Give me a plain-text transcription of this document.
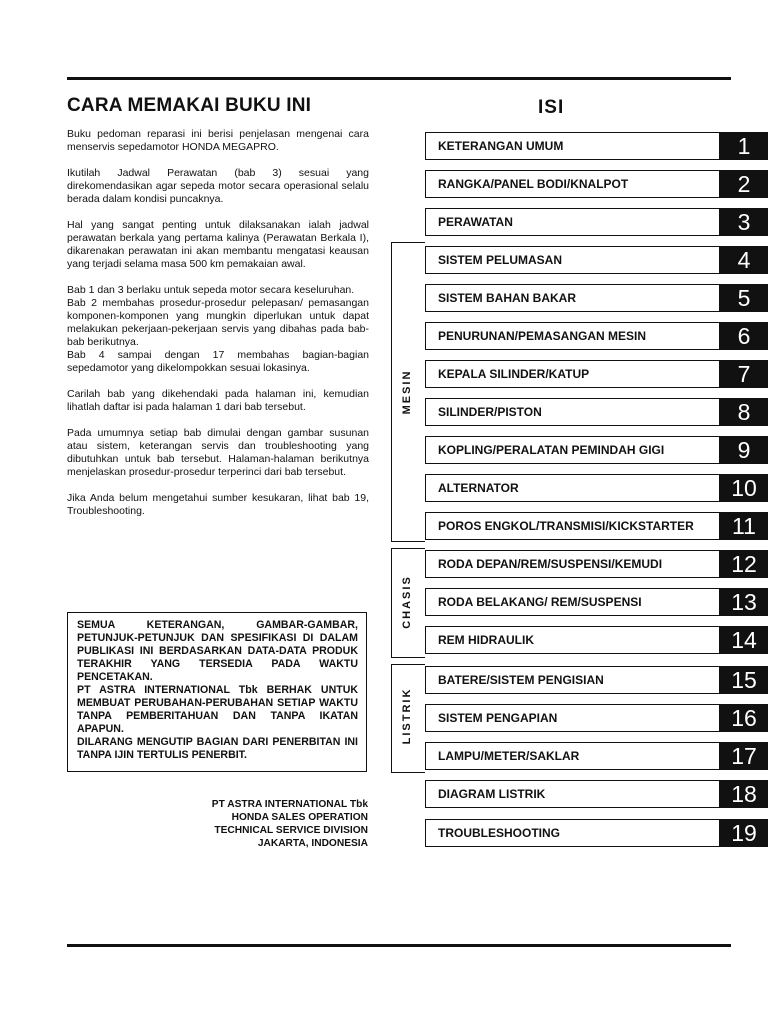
CARA MEMAKAI BUKU INI

Buku pedoman reparasi ini berisi penjelasan mengenai cara menservis sepedamotor HONDA MEGAPRO.

Ikutilah Jadwal Perawatan (bab 3) sesuai yang direkomendasikan agar sepeda motor secara operasional selalu berada dalam kondisi puncaknya.

Hal yang sangat penting untuk dilaksanakan ialah jadwal perawatan berkala yang pertama kalinya (Perawatan Berkala I), dikarenakan perawatan ini akan membantu mengatasi keausan yang terjadi selama masa 500 km pemakaian awal.

Bab 1 dan 3 berlaku untuk sepeda motor secara keseluruhan.

Bab 2 membahas prosedur-prosedur pelepasan/ pemasangan komponen-komponen yang mungkin diperlukan untuk dapat melakukan pekerjaan-pekerjaan servis yang dibahas pada bab-bab berikutnya.

Bab 4 sampai dengan 17 membahas bagian-bagian sepedamotor yang dikelompokkan sesuai lokasinya.

Carilah bab yang dikehendaki pada halaman ini, kemudian lihatlah daftar isi pada halaman 1 dari bab tersebut.

Pada umumnya setiap bab dimulai dengan gambar susunan atau sistem, keterangan servis dan troubleshooting yang dibutuhkan untuk bab tersebut. Halaman-halaman berikutnya menjelaskan prosedur-prosedur terperinci dari bab tersebut.

Jika Anda belum mengetahui sumber kesukaran, lihat bab 19, Troubleshooting.

SEMUA KETERANGAN, GAMBAR-GAMBAR, PETUNJUK-PETUNJUK DAN SPESIFIKASI DI DALAM PUBLIKASI INI BERDASARKAN DATA-DATA PRODUK TERAKHIR YANG TERSEDIA PADA WAKTU PENCETAKAN.

PT ASTRA INTERNATIONAL Tbk BERHAK UNTUK MEMBUAT PERUBAHAN-PERUBAHAN SETIAP WAKTU TANPA PEMBERITAHUAN DAN TANPA IKATAN APAPUN.

DILARANG MENGUTIP BAGIAN DARI PENERBITAN INI TANPA IJIN TERTULIS PENERBIT.

PT ASTRA INTERNATIONAL Tbk
HONDA SALES OPERATION
TECHNICAL SERVICE DIVISION
JAKARTA, INDONESIA
ISI
MESIN
CHASIS
LISTRIK
KETERANGAN UMUM	1
RANGKA/PANEL BODI/KNALPOT	2
PERAWATAN	3
SISTEM PELUMASAN	4
SISTEM BAHAN BAKAR	5
PENURUNAN/PEMASANGAN MESIN	6
KEPALA SILINDER/KATUP	7
SILINDER/PISTON	8
KOPLING/PERALATAN PEMINDAH GIGI	9
ALTERNATOR	10
POROS ENGKOL/TRANSMISI/KICKSTARTER	11
RODA DEPAN/REM/SUSPENSI/KEMUDI	12
RODA BELAKANG/ REM/SUSPENSI	13
REM HIDRAULIK	14
BATERE/SISTEM PENGISIAN	15
SISTEM PENGAPIAN	16
LAMPU/METER/SAKLAR	17
DIAGRAM LISTRIK	18
TROUBLESHOOTING	19
